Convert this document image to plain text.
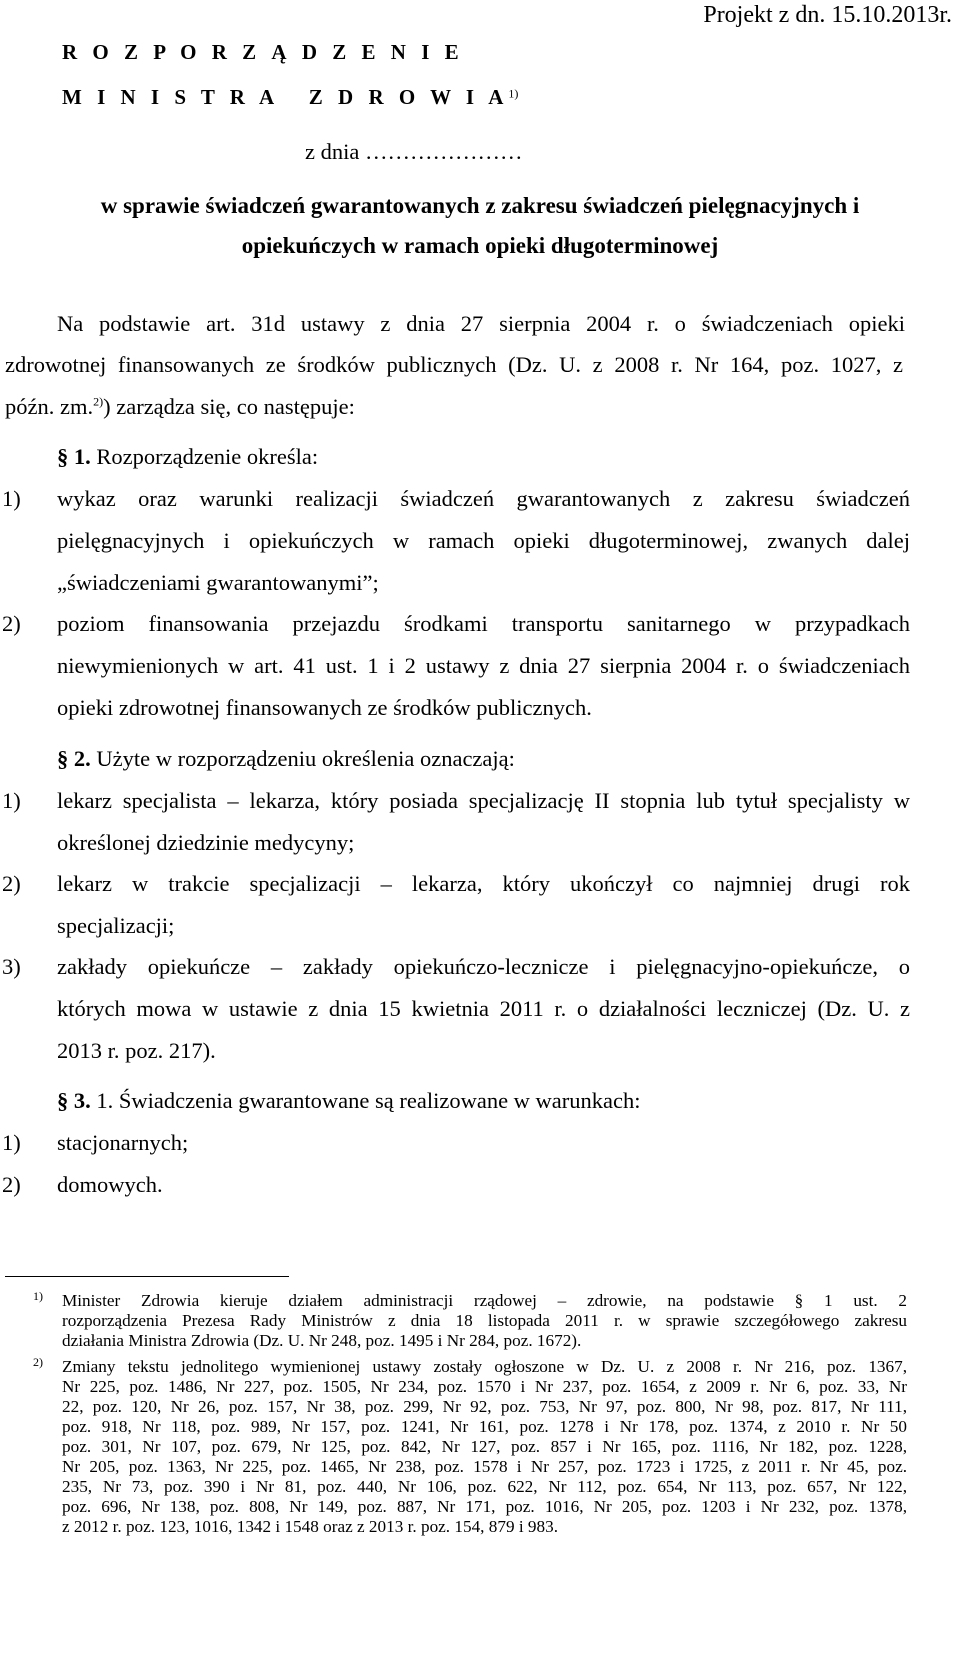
Projekt z dn. 15.10.2013r.
R O Z P O R Z Ą D Z E N I E
M I N I S T R A   Z D R O W I $A^{1)}$
z dnia …………………
w sprawie świadczeń gwarantowanych z zakresu świadczeń pielęgnacyjnych i
opiekuńczych w ramach opieki długoterminowej
Na podstawie art. 31d ustawy z dnia 27 sierpnia 2004 r. o świadczeniach opieki
zdrowotnej finansowanych ze środków publicznych (Dz. U. z 2008 r. Nr 164, poz. 1027, z
późn. zm.$^{2)}$) zarządza się, co następuje:
§ 1. Rozporządzenie określa:
1) wykaz oraz warunki realizacji świadczeń gwarantowanych z zakresu świadczeń
pielęgnacyjnych i opiekuńczych w ramach opieki długoterminowej, zwanych dalej
„świadczeniami gwarantowanymi”;
2) poziom finansowania przejazdu środkami transportu sanitarnego w przypadkach
niewymienionych w art. 41 ust. 1 i 2 ustawy z dnia 27 sierpnia 2004 r. o świadczeniach
opieki zdrowotnej finansowanych ze środków publicznych.
§ 2. Użyte w rozporządzeniu określenia oznaczają:
1) lekarz specjalista – lekarza, który posiada specjalizację II stopnia lub tytuł specjalisty w
określonej dziedzinie medycyny;
2) lekarz w trakcie specjalizacji – lekarza, który ukończył co najmniej drugi rok
specjalizacji;
3) zakłady opiekuńcze – zakłady opiekuńczo-lecznicze i pielęgnacyjno-opiekuńcze, o
których mowa w ustawie z dnia 15 kwietnia 2011 r. o działalności leczniczej (Dz. U. z
2013 r. poz. 217).
§ 3. 1. Świadczenia gwarantowane są realizowane w warunkach:
1) stacjonarnych;
2) domowych.
1) Minister Zdrowia kieruje działem administracji rządowej – zdrowie, na podstawie § 1 ust. 2
rozporządzenia Prezesa Rady Ministrów z dnia 18 listopada 2011 r. w sprawie szczegółowego zakresu
działania Ministra Zdrowia (Dz. U. Nr 248, poz. 1495 i Nr 284, poz. 1672).
2) Zmiany tekstu jednolitego wymienionej ustawy zostały ogłoszone w Dz. U. z 2008 r. Nr 216, poz. 1367,
Nr 225, poz. 1486, Nr 227, poz. 1505, Nr 234, poz. 1570 i Nr 237, poz. 1654, z 2009 r. Nr 6, poz. 33, Nr
22, poz. 120, Nr 26, poz. 157, Nr 38, poz. 299, Nr 92, poz. 753, Nr 97, poz. 800, Nr 98, poz. 817, Nr 111,
poz. 918, Nr 118, poz. 989, Nr 157, poz. 1241, Nr 161, poz. 1278 i Nr 178, poz. 1374, z 2010 r. Nr 50
poz. 301, Nr 107, poz. 679, Nr 125, poz. 842, Nr 127, poz. 857 i Nr 165, poz. 1116, Nr 182, poz. 1228,
Nr 205, poz. 1363, Nr 225, poz. 1465, Nr 238, poz. 1578 i Nr 257, poz. 1723 i 1725, z 2011 r. Nr 45, poz.
235, Nr 73, poz. 390 i Nr 81, poz. 440, Nr 106, poz. 622, Nr 112, poz. 654, Nr 113, poz. 657, Nr 122,
poz. 696, Nr 138, poz. 808, Nr 149, poz. 887, Nr 171, poz. 1016, Nr 205, poz. 1203 i Nr 232, poz. 1378,
z 2012 r. poz. 123, 1016, 1342 i 1548 oraz z 2013 r. poz. 154, 879 i 983.
